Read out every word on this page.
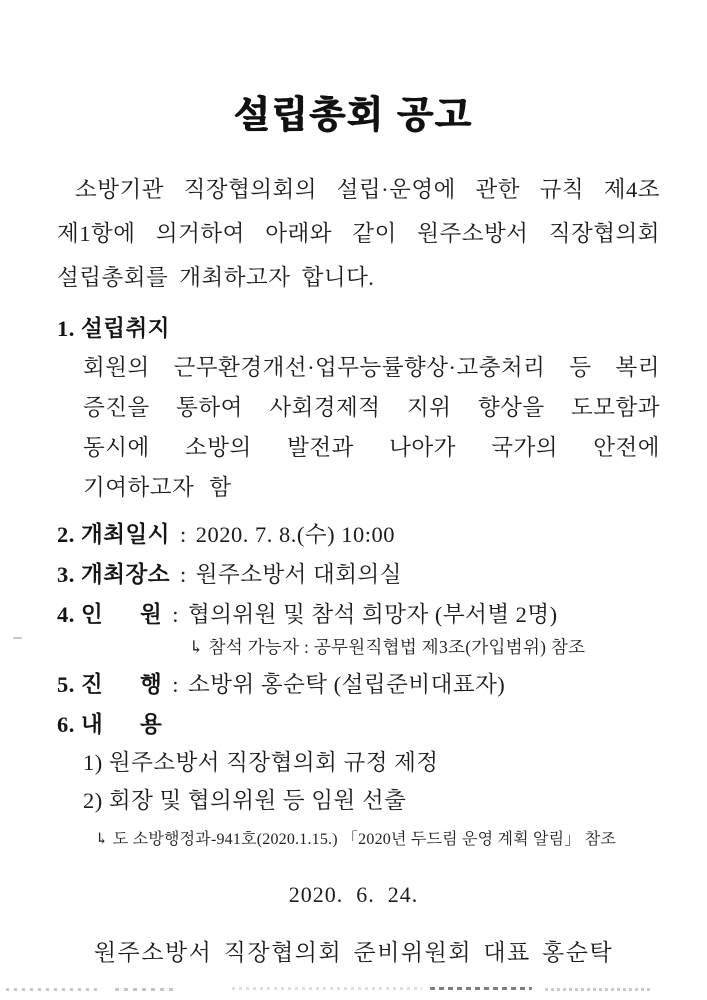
설립총회 공고

소방기관 직장협의회의 설립·운영에 관한 규칙 제4조 제1항에 의거하여 아래와 같이 원주소방서 직장협의회 설립총회를 개최하고자 합니다.

1. 설립취지

회원의 근무환경개선·업무능률향상·고충처리 등 복리 증진을 통하여 사회경제적 지위 향상을 도모함과 동시에 소방의 발전과 나아가 국가의 안전에 기여하고자 함

2. 개최일시 : 2020. 7. 8.(수) 10:00
3. 개최장소 : 원주소방서 대회의실
4. 인      원 : 협의위원 및 참석 희망자 (부서별 2명)

↳ 참석 가능자 : 공무원직협법 제3조(가입범위) 참조

5. 진      행 : 소방위 홍순탁 (설립준비대표자)
6. 내      용

1) 원주소방서 직장협의회 규정 제정

2) 회장 및 협의위원 등 임원 선출

↳ 도 소방행정과-941호(2020.1.15.) 「2020년 두드림 운영 계획 알림」 참조

2020.  6.  24.

원주소방서 직장협의회 준비위원회 대표 홍순탁
